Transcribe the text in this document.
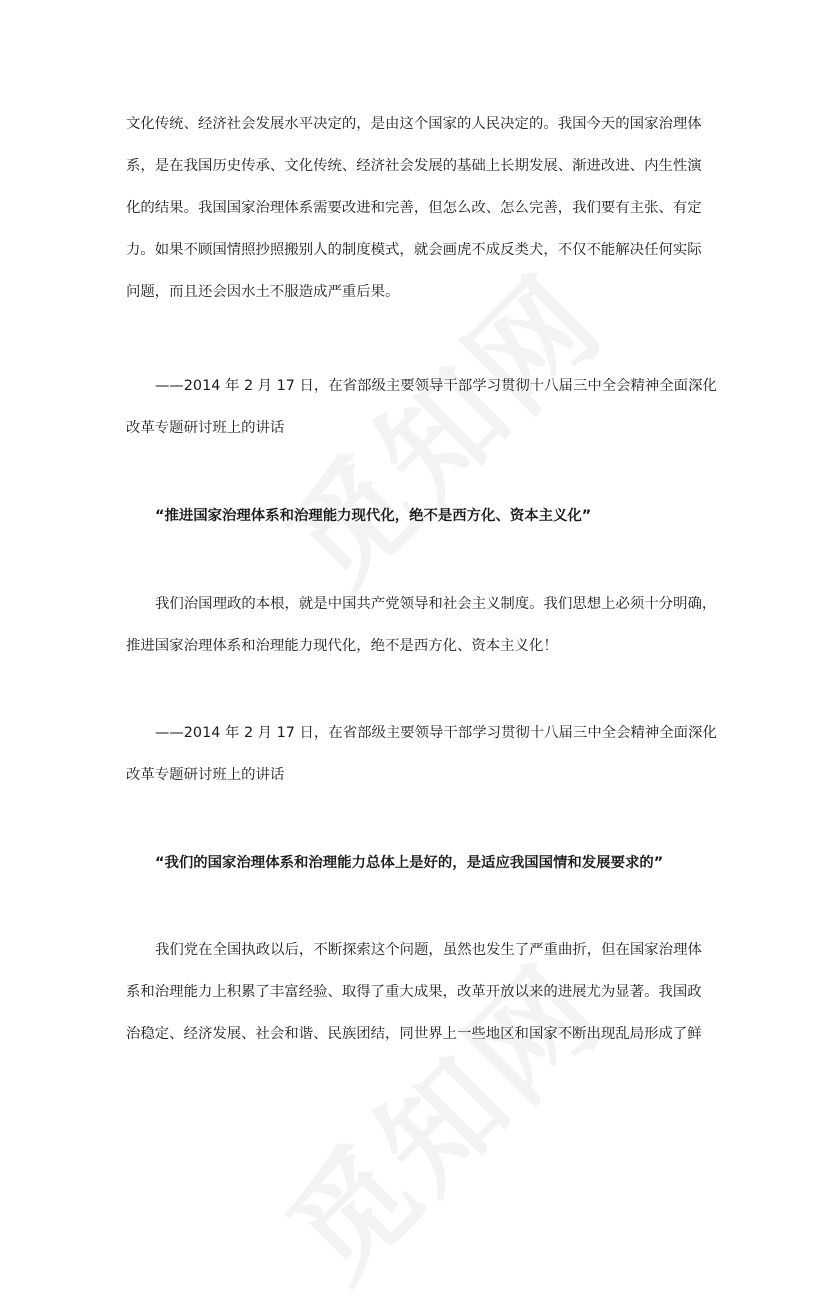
文化传统、经济社会发展水平决定的，是由这个国家的人民决定的。我国今天的国家治理体
系，是在我国历史传承、文化传统、经济社会发展的基础上长期发展、渐进改进、内生性演
化的结果。我国国家治理体系需要改进和完善，但怎么改、怎么完善，我们要有主张、有定
力。如果不顾国情照抄照搬别人的制度模式，就会画虎不成反类犬，不仅不能解决任何实际
问题，而且还会因水土不服造成严重后果。
——2014 年 2 月 17 日，在省部级主要领导干部学习贯彻十八届三中全会精神全面深化
改革专题研讨班上的讲话
“推进国家治理体系和治理能力现代化，绝不是西方化、资本主义化”
我们治国理政的本根，就是中国共产党领导和社会主义制度。我们思想上必须十分明确，
推进国家治理体系和治理能力现代化，绝不是西方化、资本主义化！
——2014 年 2 月 17 日，在省部级主要领导干部学习贯彻十八届三中全会精神全面深化
改革专题研讨班上的讲话
“我们的国家治理体系和治理能力总体上是好的，是适应我国国情和发展要求的”
我们党在全国执政以后，不断探索这个问题，虽然也发生了严重曲折，但在国家治理体
系和治理能力上积累了丰富经验、取得了重大成果，改革开放以来的进展尤为显著。我国政
治稳定、经济发展、社会和谐、民族团结，同世界上一些地区和国家不断出现乱局形成了鲜
